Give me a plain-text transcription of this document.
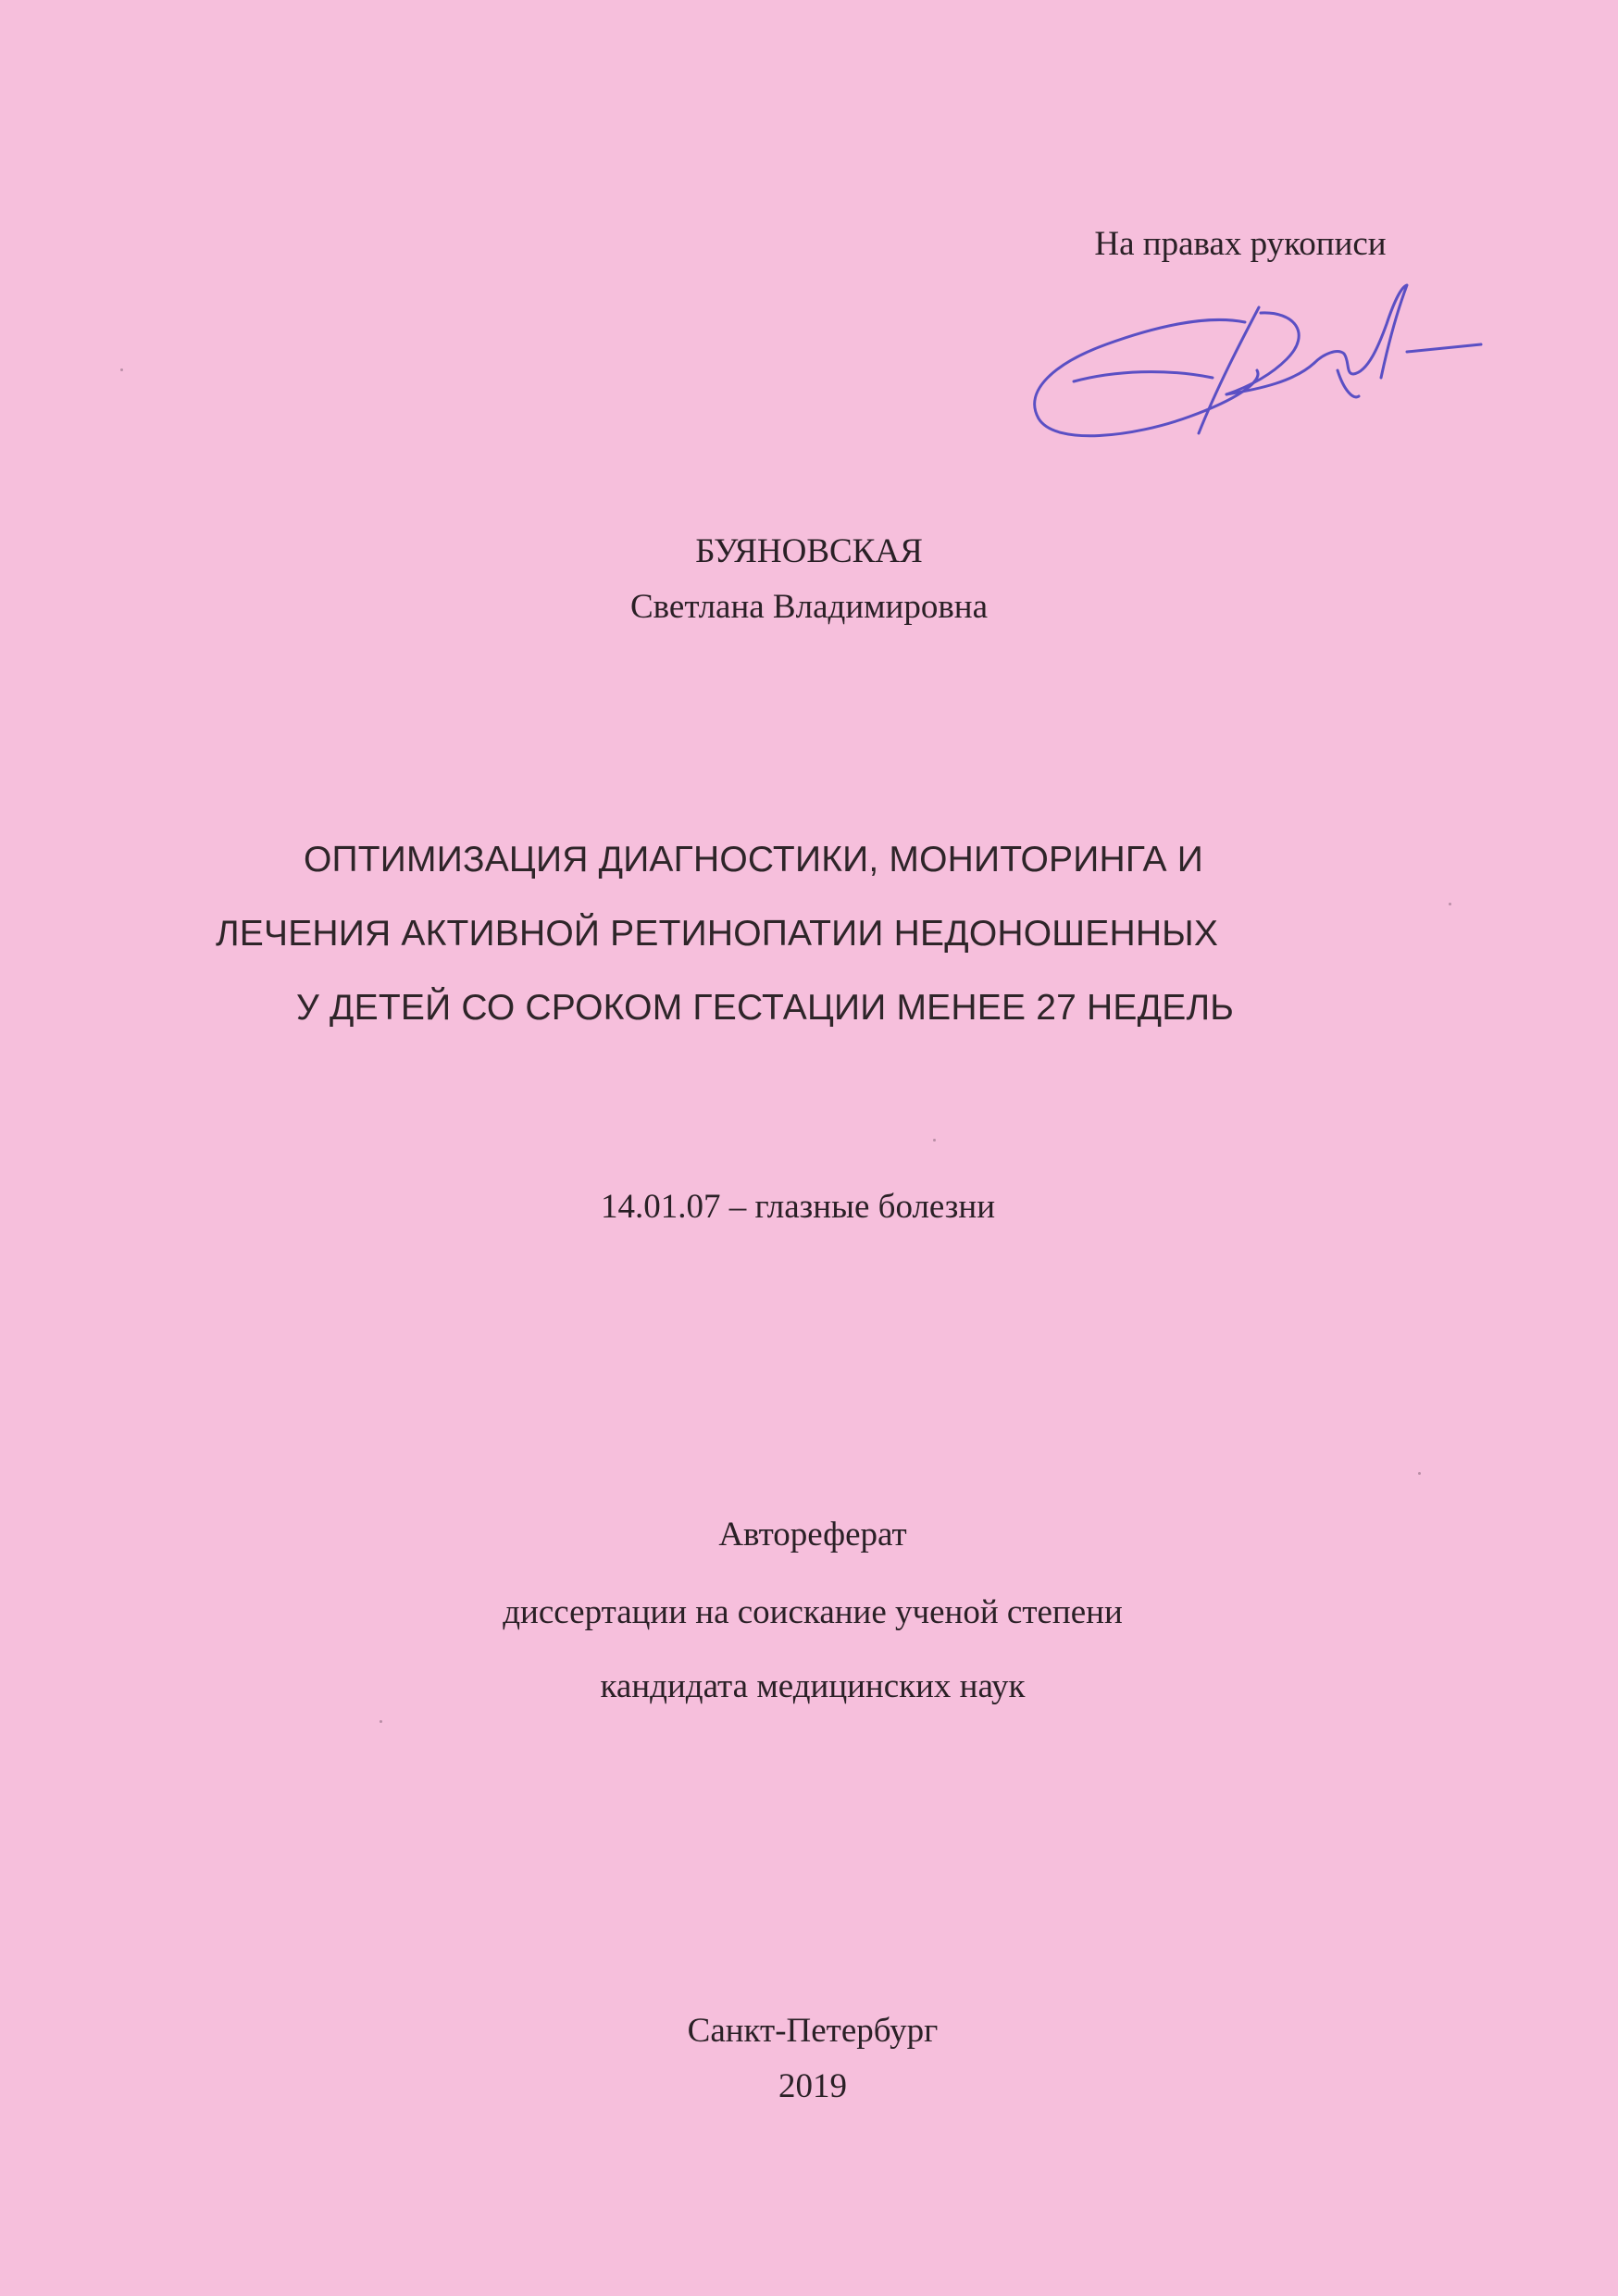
На правах рукописи
БУЯНОВСКАЯ
Светлана Владимировна
ОПТИМИЗАЦИЯ ДИАГНОСТИКИ, МОНИТОРИНГА И
ЛЕЧЕНИЯ АКТИВНОЙ РЕТИНОПАТИИ НЕДОНОШЕННЫХ
У ДЕТЕЙ СО СРОКОМ ГЕСТАЦИИ МЕНЕЕ 27 НЕДЕЛЬ
14.01.07 – глазные болезни
Автореферат
диссертации на соискание ученой степени
кандидата медицинских наук
Санкт-Петербург
2019
